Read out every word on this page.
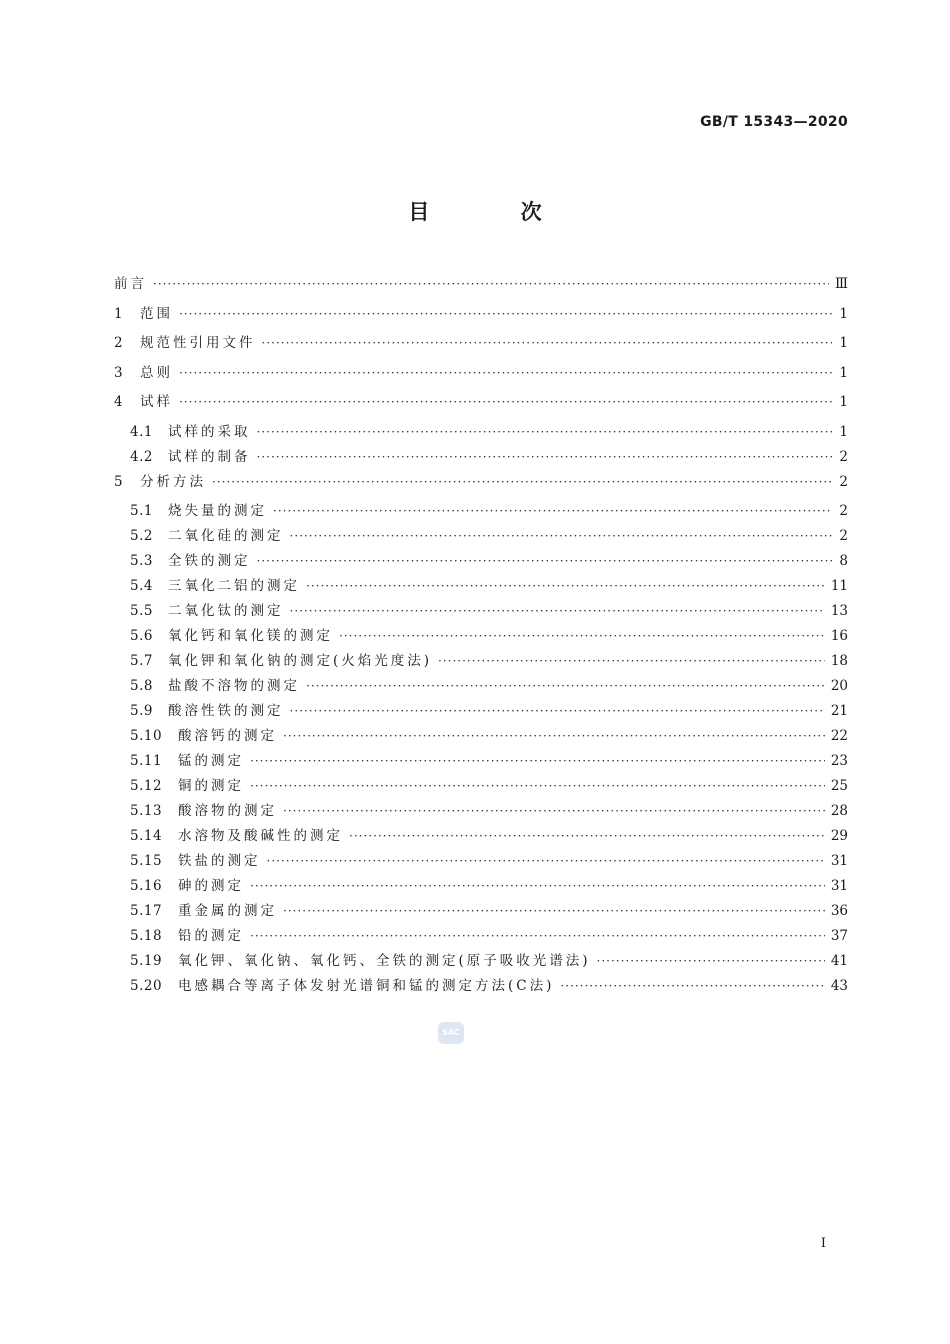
GB/T 15343—2020
目 次
前言 ·····	Ⅲ
1	范围 ·····	1
2	规范性引用文件 ·····	1
3	总则 ·····	1
4	试样 ·····	1
4.1	试样的采取 ·····	1
4.2	试样的制备 ·····	2
5	分析方法 ·····	2
5.1	烧失量的测定 ·····	2
5.2	二氧化硅的测定 ·····	2
5.3	全铁的测定 ·····	8
5.4	三氧化二铝的测定 ·····	11
5.5	二氧化钛的测定 ·····	13
5.6	氧化钙和氧化镁的测定 ·····	16
5.7	氧化钾和氧化钠的测定(火焰光度法) ·····	18
5.8	盐酸不溶物的测定 ·····	20
5.9	酸溶性铁的测定 ·····	21
5.10	酸溶钙的测定 ·····	22
5.11	锰的测定 ·····	23
5.12	铜的测定 ·····	25
5.13	酸溶物的测定 ·····	28
5.14	水溶物及酸碱性的测定 ·····	29
5.15	铁盐的测定 ·····	31
5.16	砷的测定 ·····	31
5.17	重金属的测定 ·····	36
5.18	铅的测定 ·····	37
5.19	氧化钾、氧化钠、氧化钙、全铁的测定(原子吸收光谱法) ·····	41
5.20	电感耦合等离子体发射光谱铜和锰的测定方法(C法) ·····	43
SAC
I
